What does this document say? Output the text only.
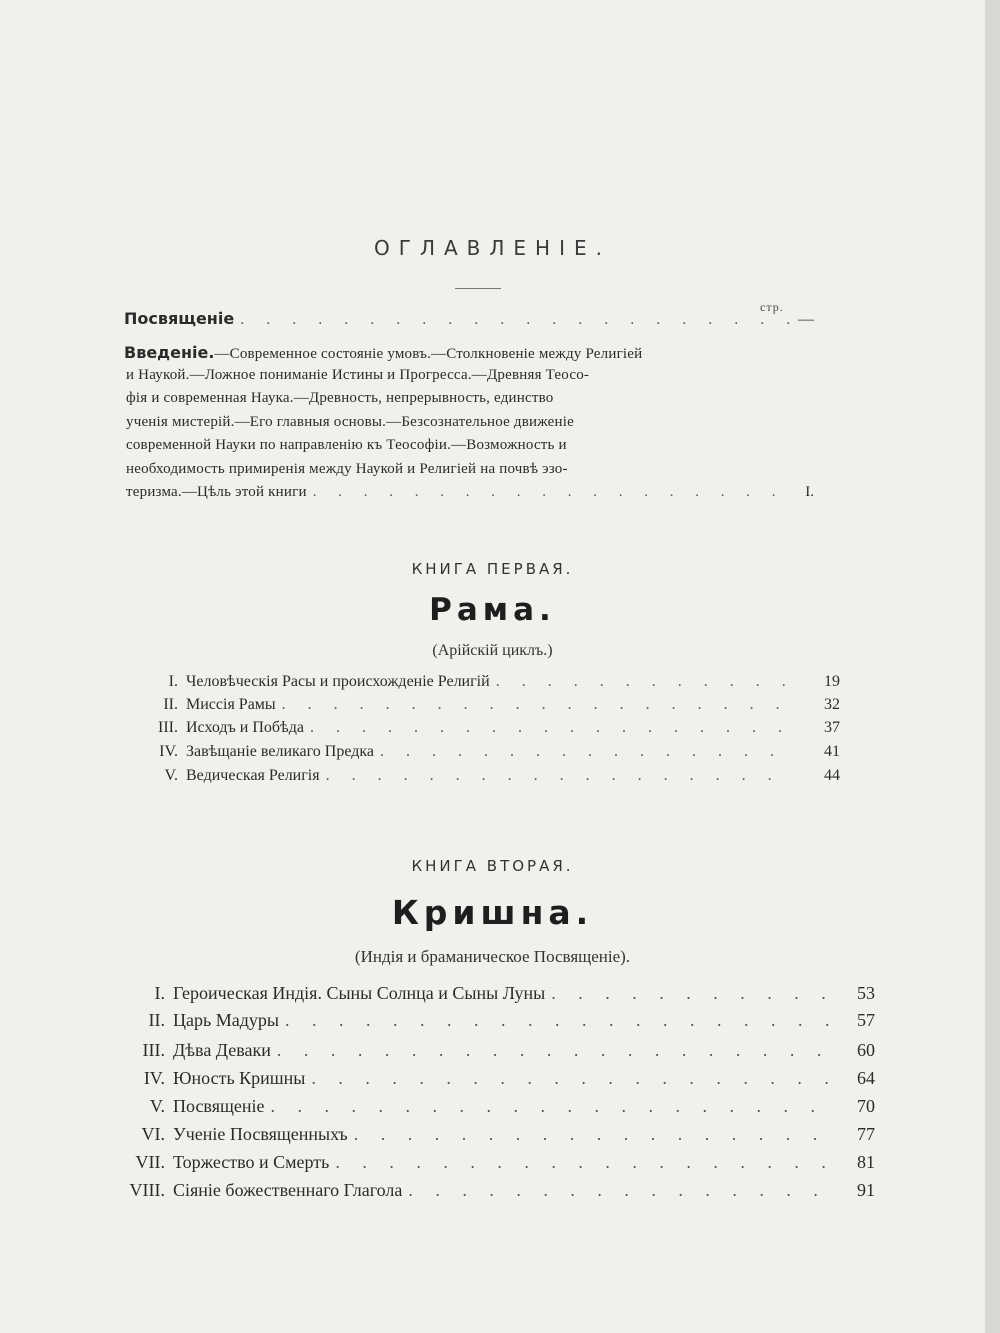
ОГЛАВЛЕНIЕ.
стр.
Посвященіе . . .	—
Введеніе. —Современное состояніе умовъ.—Столкновеніе между Религіей
и Наукой.—Ложное пониманіе Истины и Прогресса.—Древняя Теосо-
фія и современная Наука.—Древность, непрерывность, единство
ученія мистерій.—Его главныя основы.—Безсознательное движеніе
современной Науки по направленію къ Теософіи.—Возможность и
необходимость примиренія между Наукой и Религіей на почвѣ эзо-
теризма.—Цѣль этой книги . . .	I.
КНИГА ПЕРВАЯ.
Рама.
(Арійскій циклъ.)
I. Человѣческія Расы и происхожденіе Религій . . .	19
II. Миссія Рамы . . .	32
III. Исходъ и Побѣда . . .	37
IV. Завѣщаніе великаго Предка . . .	41
V. Ведическая Религія . . .	44
КНИГА ВТОРАЯ.
Кришна.
(Индія и браманическое Посвященіе).
I. Героическая Индія. Сыны Солнца и Сыны Луны . . .	53
II. Царь Мадуры . . .	57
III. Дѣва Деваки . . .	60
IV. Юность Кришны . . .	64
V. Посвященіе . . .	70
VI. Ученіе Посвященныхъ . . .	77
VII. Торжество и Смерть . . .	81
VIII. Сіяніе божественнаго Глагола . . .	91
